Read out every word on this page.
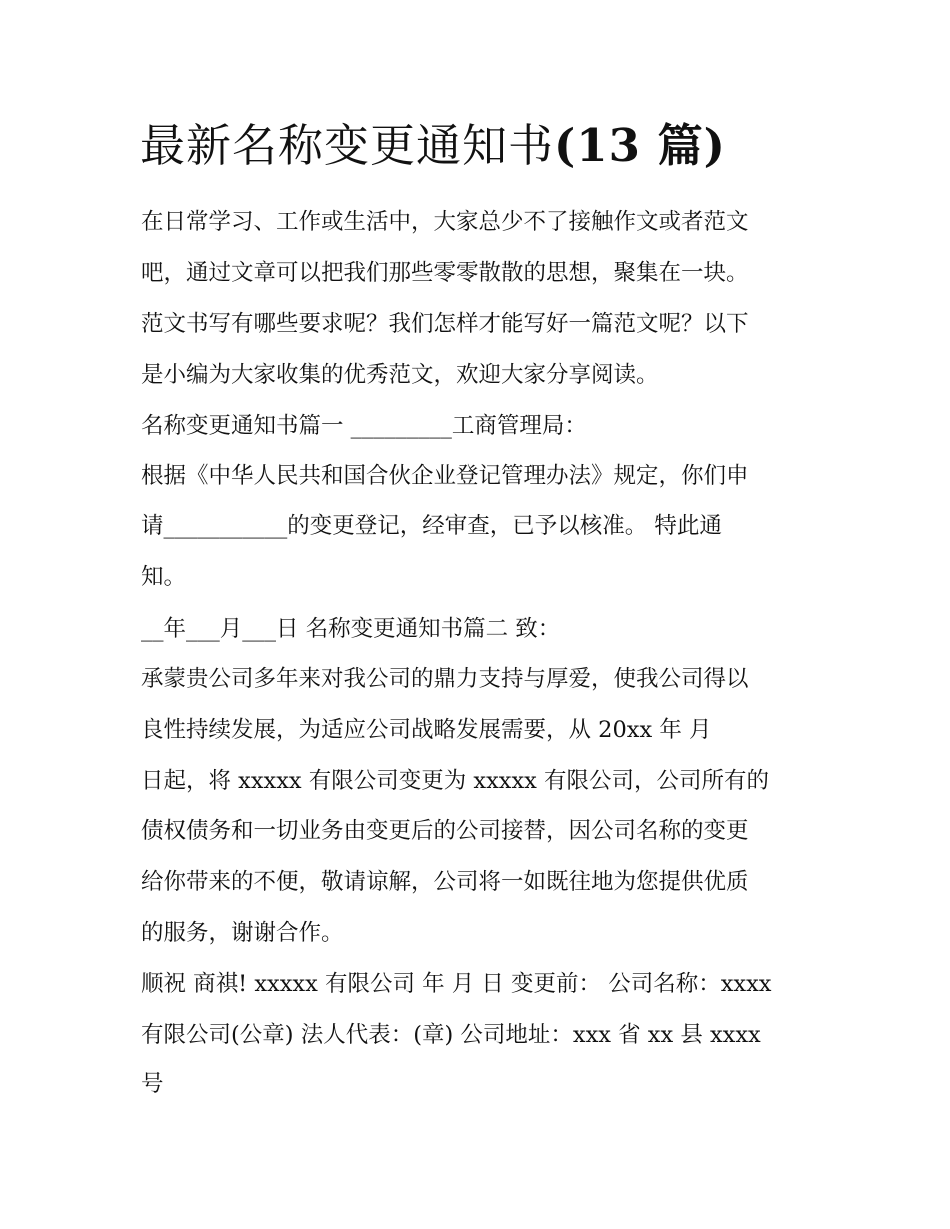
最新名称变更通知书(13 篇)

在日常学习、工作或生活中，大家总少不了接触作文或者范文

吧，通过文章可以把我们那些零零散散的思想，聚集在一块。

范文书写有哪些要求呢？我们怎样才能写好一篇范文呢？以下

是小编为大家收集的优秀范文，欢迎大家分享阅读。

名称变更通知书篇一 _________工商管理局：

根据《中华人民共和国合伙企业登记管理办法》规定，你们申

请___________的变更登记，经审查，已予以核准。 特此通

知。

__年___月___日 名称变更通知书篇二 致：

承蒙贵公司多年来对我公司的鼎力支持与厚爱，使我公司得以

良性持续发展，为适应公司战略发展需要，从 20xx 年 月

日起，将 xxxxx 有限公司变更为 xxxxx 有限公司，公司所有的

债权债务和一切业务由变更后的公司接替，因公司名称的变更

给你带来的不便，敬请谅解，公司将一如既往地为您提供优质

的服务，谢谢合作。

顺祝 商祺! xxxxx 有限公司 年 月 日 变更前： 公司名称：xxxx

有限公司(公章) 法人代表：(章) 公司地址：xxx 省 xx 县 xxxx

号
